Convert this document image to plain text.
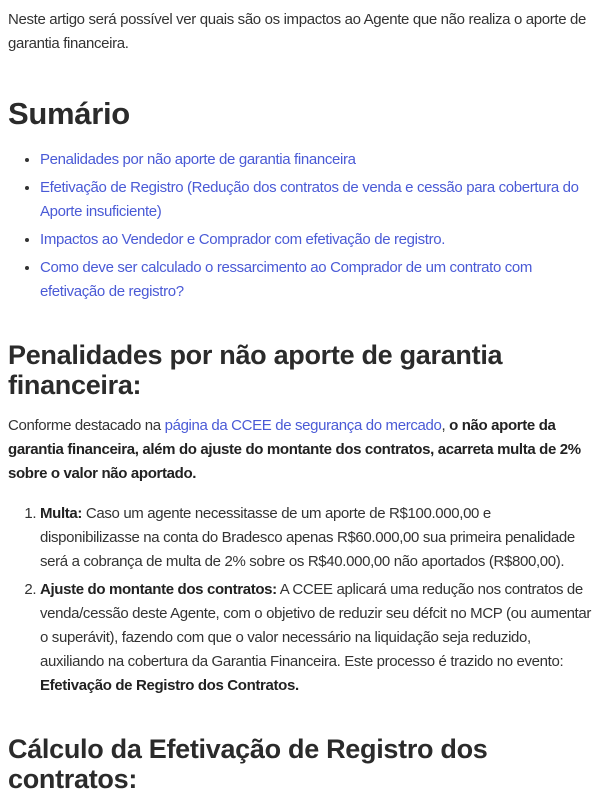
Neste artigo será possível ver quais são os impactos ao Agente que não realiza o aporte de garantia financeira.

Sumário
• Penalidades por não aporte de garantia financeira
• Efetivação de Registro (Redução dos contratos de venda e cessão para cobertura do Aporte insuficiente)
• Impactos ao Vendedor e Comprador com efetivação de registro.
• Como deve ser calculado o ressarcimento ao Comprador de um contrato com efetivação de registro?
Penalidades por não aporte de garantia financeira:

Conforme destacado na página da CCEE de segurança do mercado, o não aporte da garantia financeira, além do ajuste do montante dos contratos, acarreta multa de 2% sobre o valor não aportado.

1. Multa: Caso um agente necessitasse de um aporte de R$100.000,00 e disponibilizasse na conta do Bradesco apenas R$60.000,00 sua primeira penalidade será a cobrança de multa de 2% sobre os R$40.000,00 não aportados (R$800,00).
2. Ajuste do montante dos contratos: A CCEE aplicará uma redução nos contratos de venda/cessão deste Agente, com o objetivo de reduzir seu défcit no MCP (ou aumentar o superávit), fazendo com que o valor necessário na liquidação seja reduzido, auxiliando na cobertura da Garantia Financeira. Este processo é trazido no evento: Efetivação de Registro dos Contratos.
Cálculo da Efetivação de Registro dos contratos:
